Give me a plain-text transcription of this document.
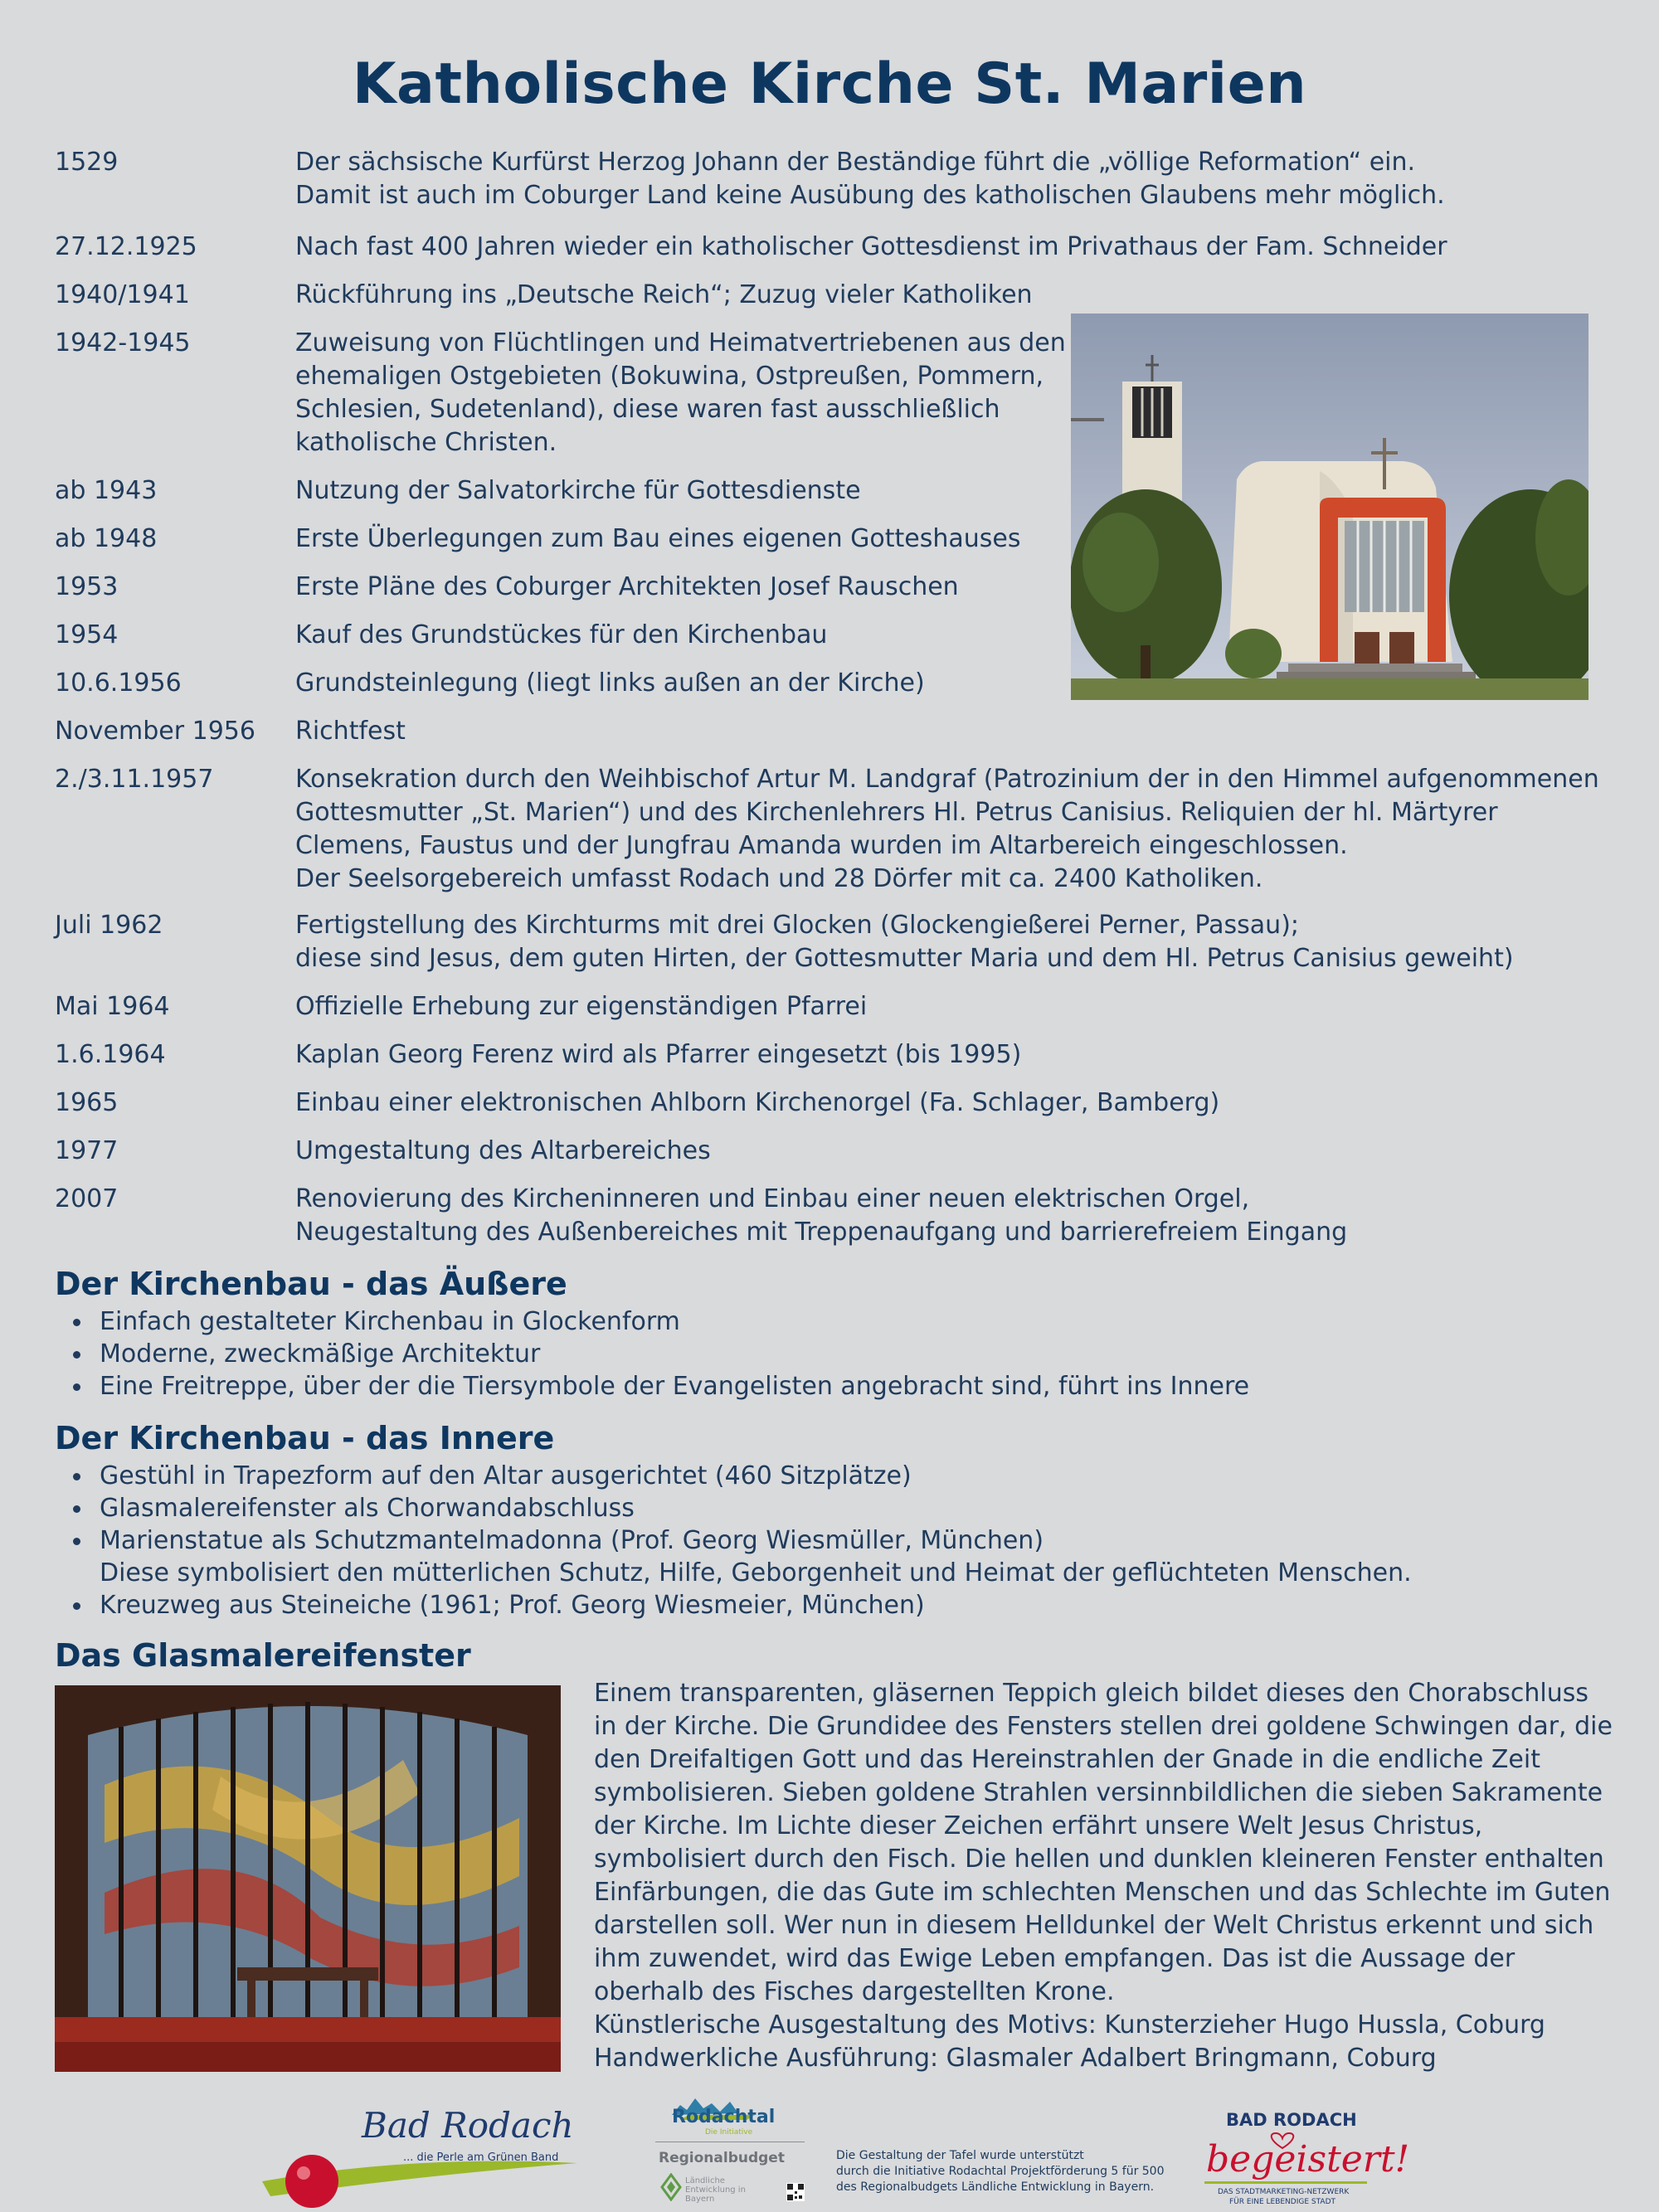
Katholische Kirche St. Marien
1529	Der sächsische Kurfürst Herzog Johann der Beständige führt die „völlige Reformation“ ein.
Damit ist auch im Coburger Land keine Ausübung des katholischen Glaubens mehr möglich.
27.12.1925	Nach fast 400 Jahren wieder ein katholischer Gottesdienst im Privathaus der Fam. Schneider
1940/1941	Rückführung ins „Deutsche Reich“; Zuzug vieler Katholiken
1942-1945	Zuweisung von Flüchtlingen und Heimatvertriebenen aus den
ehemaligen Ostgebieten (Bokuwina, Ostpreußen, Pommern,
Schlesien, Sudetenland), diese waren fast ausschließlich
katholische Christen.
ab 1943	Nutzung der Salvatorkirche für Gottesdienste
ab 1948	Erste Überlegungen zum Bau eines eigenen Gotteshauses
1953	Erste Pläne des Coburger Architekten Josef Rauschen
1954	Kauf des Grundstückes für den Kirchenbau
10.6.1956	Grundsteinlegung (liegt links außen an der Kirche)
November 1956 Richtfest
2./3.11.1957	Konsekration durch den Weihbischof Artur M. Landgraf (Patrozinium der in den Himmel aufgenommenen
Gottesmutter „St. Marien“) und des Kirchenlehrers Hl. Petrus Canisius. Reliquien der hl. Märtyrer
Clemens, Faustus und der Jungfrau Amanda wurden im Altarbereich eingeschlossen.
Der Seelsorgebereich umfasst Rodach und 28 Dörfer mit ca. 2400 Katholiken.
Juli 1962	Fertigstellung des Kirchturms mit drei Glocken (Glockengießerei Perner, Passau);
diese sind Jesus, dem guten Hirten, der Gottesmutter Maria und dem Hl. Petrus Canisius geweiht)
Mai 1964	Offizielle Erhebung zur eigenständigen Pfarrei
1.6.1964	Kaplan Georg Ferenz wird als Pfarrer eingesetzt (bis 1995)
1965	Einbau einer elektronischen Ahlborn Kirchenorgel (Fa. Schlager, Bamberg)
1977	Umgestaltung des Altarbereiches
2007	Renovierung des Kircheninneren und Einbau einer neuen elektrischen Orgel,
Neugestaltung des Außenbereiches mit Treppenaufgang und barrierefreiem Eingang
Der Kirchenbau - das Äußere
Einfach gestalteter Kirchenbau in Glockenform
Moderne, zweckmäßige Architektur
Eine Freitreppe, über der die Tiersymbole der Evangelisten angebracht sind, führt ins Innere
Der Kirchenbau - das Innere
Gestühl in Trapezform auf den Altar ausgerichtet (460 Sitzplätze)
Glasmalereifenster als Chorwandabschluss
Marienstatue als Schutzmantelmadonna (Prof. Georg Wiesmüller, München)
Diese symbolisiert den mütterlichen Schutz, Hilfe, Geborgenheit und Heimat der geflüchteten Menschen.
Kreuzweg aus Steineiche (1961; Prof. Georg Wiesmeier, München)
Das Glasmalereifenster
Einem transparenten, gläsernen Teppich gleich bildet dieses den Chorabschluss
in der Kirche. Die Grundidee des Fensters stellen drei goldene Schwingen dar, die
den Dreifaltigen Gott und das Hereinstrahlen der Gnade in die endliche Zeit
symbolisieren. Sieben goldene Strahlen versinnbildlichen die sieben Sakramente
der Kirche. Im Lichte dieser Zeichen erfährt unsere Welt Jesus Christus,
symbolisiert durch den Fisch. Die hellen und dunklen kleineren Fenster enthalten
Einfärbungen, die das Gute im schlechten Menschen und das Schlechte im Guten
darstellen soll. Wer nun in diesem Helldunkel der Welt Christus erkennt und sich
ihm zuwendet, wird das Ewige Leben empfangen. Das ist die Aussage der
oberhalb des Fisches dargestellten Krone.
Künstlerische Ausgestaltung des Motivs: Kunsterzieher Hugo Hussla, Coburg
Handwerkliche Ausführung: Glasmaler Adalbert Bringmann, Coburg
Bad Rodach
... die Perle am Grünen Band
Rodachtal
Die Initiative
Regionalbudget
Ländliche Entwicklung in Bayern
Die Gestaltung der Tafel wurde unterstützt
durch die Initiative Rodachtal Projektförderung 5 für 500
des Regionalbudgets Ländliche Entwicklung in Bayern.
BAD RODACH
begeistert!
DAS STADTMARKETING-NETZWERK
FÜR EINE LEBENDIGE STADT
